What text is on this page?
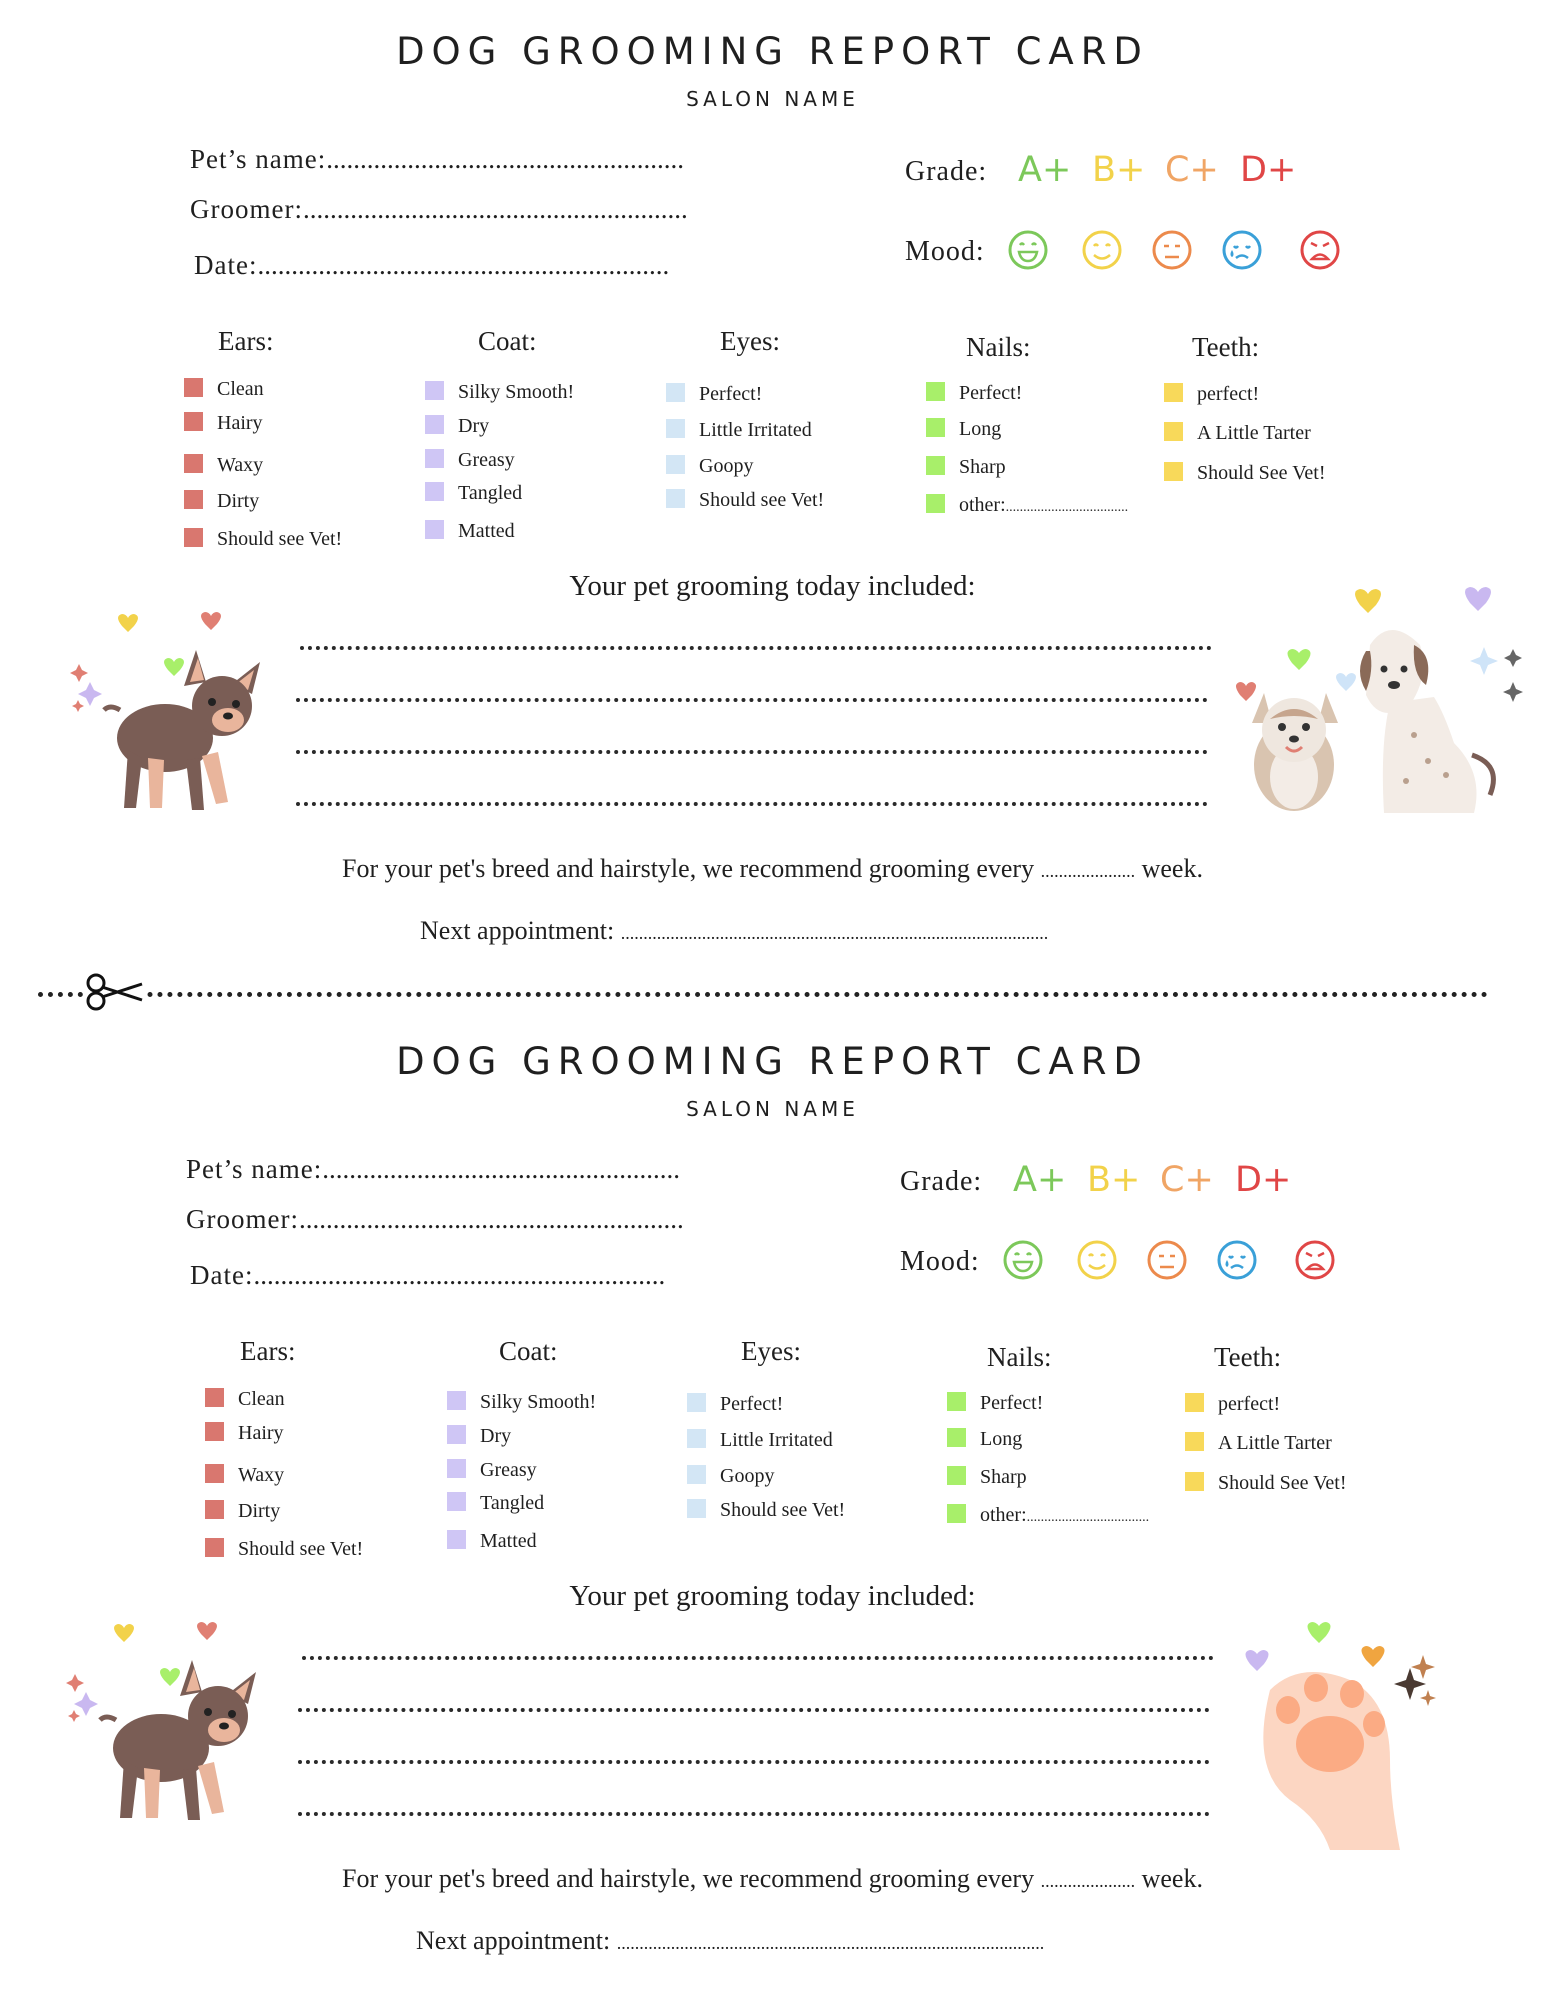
DOG GROOMING REPORT CARD
SALON NAME
Pet’s name:.....................................................
Groomer:.........................................................
Date:.............................................................
Grade: A+ B+ C+ D+
Mood:
Ears:
Clean
Hairy
Waxy
Dirty
Should see Vet!
Coat:
Silky Smooth!
Dry
Greasy
Tangled
Matted
Eyes:
Perfect!
Little Irritated
Goopy
Should see Vet!
Nails:
Perfect!
Long
Sharp
other:...................................
Teeth:
perfect!
A Little Tarter
Should See Vet!
Your pet grooming today included:
For your pet's breed and hairstyle, we recommend grooming every ..................... week.
Next appointment: ...............................................................................................
DOG GROOMING REPORT CARD
SALON NAME
Pet’s name:.....................................................
Groomer:.........................................................
Date:.............................................................
Grade: A+ B+ C+ D+
Mood:
Ears:
Clean
Hairy
Waxy
Dirty
Should see Vet!
Coat:
Silky Smooth!
Dry
Greasy
Tangled
Matted
Eyes:
Perfect!
Little Irritated
Goopy
Should see Vet!
Nails:
Perfect!
Long
Sharp
other:...................................
Teeth:
perfect!
A Little Tarter
Should See Vet!
Your pet grooming today included:
For your pet's breed and hairstyle, we recommend grooming every ..................... week.
Next appointment: ...............................................................................................
